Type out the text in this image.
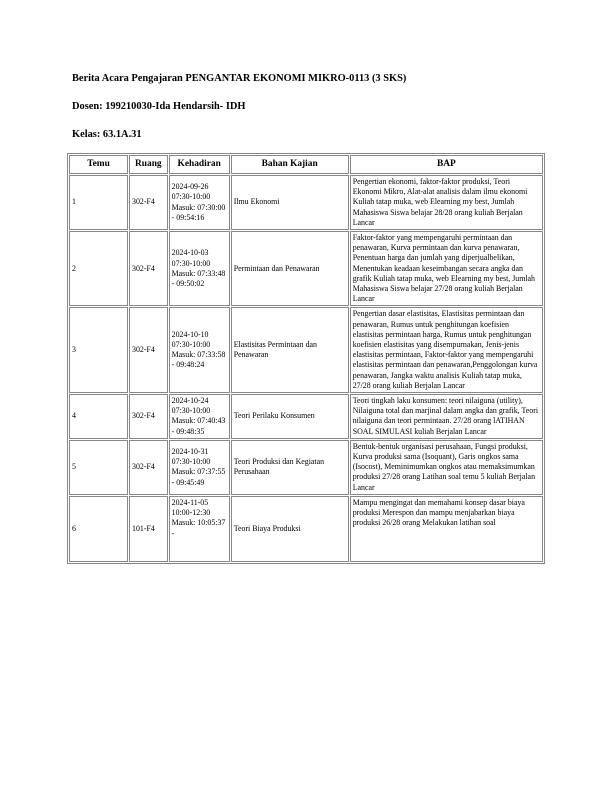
Berita Acara Pengajaran PENGANTAR EKONOMI MIKRO-0113 (3 SKS)
Dosen: 199210030-Ida Hendarsih- IDH
Kelas: 63.1A.31
Temu	Ruang	Kehadiran	Bahan Kajian	BAP
1	302-F4	2024-09-26 07:30-10:00 Masuk: 07:30:00 - 09:54:16	Ilmu Ekonomi	Pengertian ekonomi, faktor-faktor produksi, Teori Ekonomi Mikro, Alat-alat analisis dalam ilmu ekonomi Kuliah tatap muka, web Elearning my best, Jumlah Mahasiswa Siswa belajar 28/28 orang kuliah Berjalan Lancar
2	302-F4	2024-10-03 07:30-10:00 Masuk: 07:33:48 - 09:50:02	Permintaan dan Penawaran	Faktor-faktor yang mempengaruhi permintaan dan penawaran, Kurva permintaan dan kurva penawaran, Penentuan harga dan jumlah yang diperjualbelikan, Menentukan keadaan keseimbangan secara angka dan grafik Kuliah tatap muka, web Elearning my best, Jumlah Mahasiswa Siswa belajar 27/28 orang kuliah Berjalan Lancar
3	302-F4	2024-10-10 07:30-10:00 Masuk: 07:33:58 - 09:48:24	Elastisitas Permintaan dan Penawaran	Pengertian dasar elastisitas, Elastisitas permintaan dan penawaran, Rumus untuk penghitungan koefisien elastisitas permintaan harga, Rumus untuk penghitungan koefisien elastisitas yang disempurnakan, Jenis-jenis elastisitas permintaan, Faktor-faktor yang mempengaruhi elastisitas permintaan dan penawaran,Penggolongan kurva penawaran, Jangka waktu analisis Kuliah tatap muka, 27/28 orang kuliah Berjalan Lancar
4	302-F4	2024-10-24 07:30-10:00 Masuk: 07:40:43 - 09:48:35	Teori Perilaku Konsumen	Teori tingkah laku konsumen: teori nilaiguna (utility), Nilaiguna total dan marjinal dalam angka dan grafik, Teori nilaiguna dan teori permintaan. 27/28 orang lATIHAN SOAL SIMULASI kuliah Berjalan Lancar
5	302-F4	2024-10-31 07:30-10:00 Masuk: 07:37:55 - 09:45:49	Teori Produksi dan Kegiatan Perusahaan	Bentuk-bentuk organisasi perusahaan, Fungsi produksi, Kurva produksi sama (Isoquant), Garis ongkos sama (Isocost), Meminimumkan ongkos atau memaksimumkan produksi 27/28 orang Latihan soal temu 5 kuliah Berjalan Lancar
6	101-F4	2024-11-05 10:00-12:30 Masuk: 10:05:37 -	Teori Biaya Produksi	Mampu mengingat dan memahami konsep dasar biaya produksi Merespon dan mampu menjabarkan biaya produksi 26/28 orang Melakukan latihan soal
